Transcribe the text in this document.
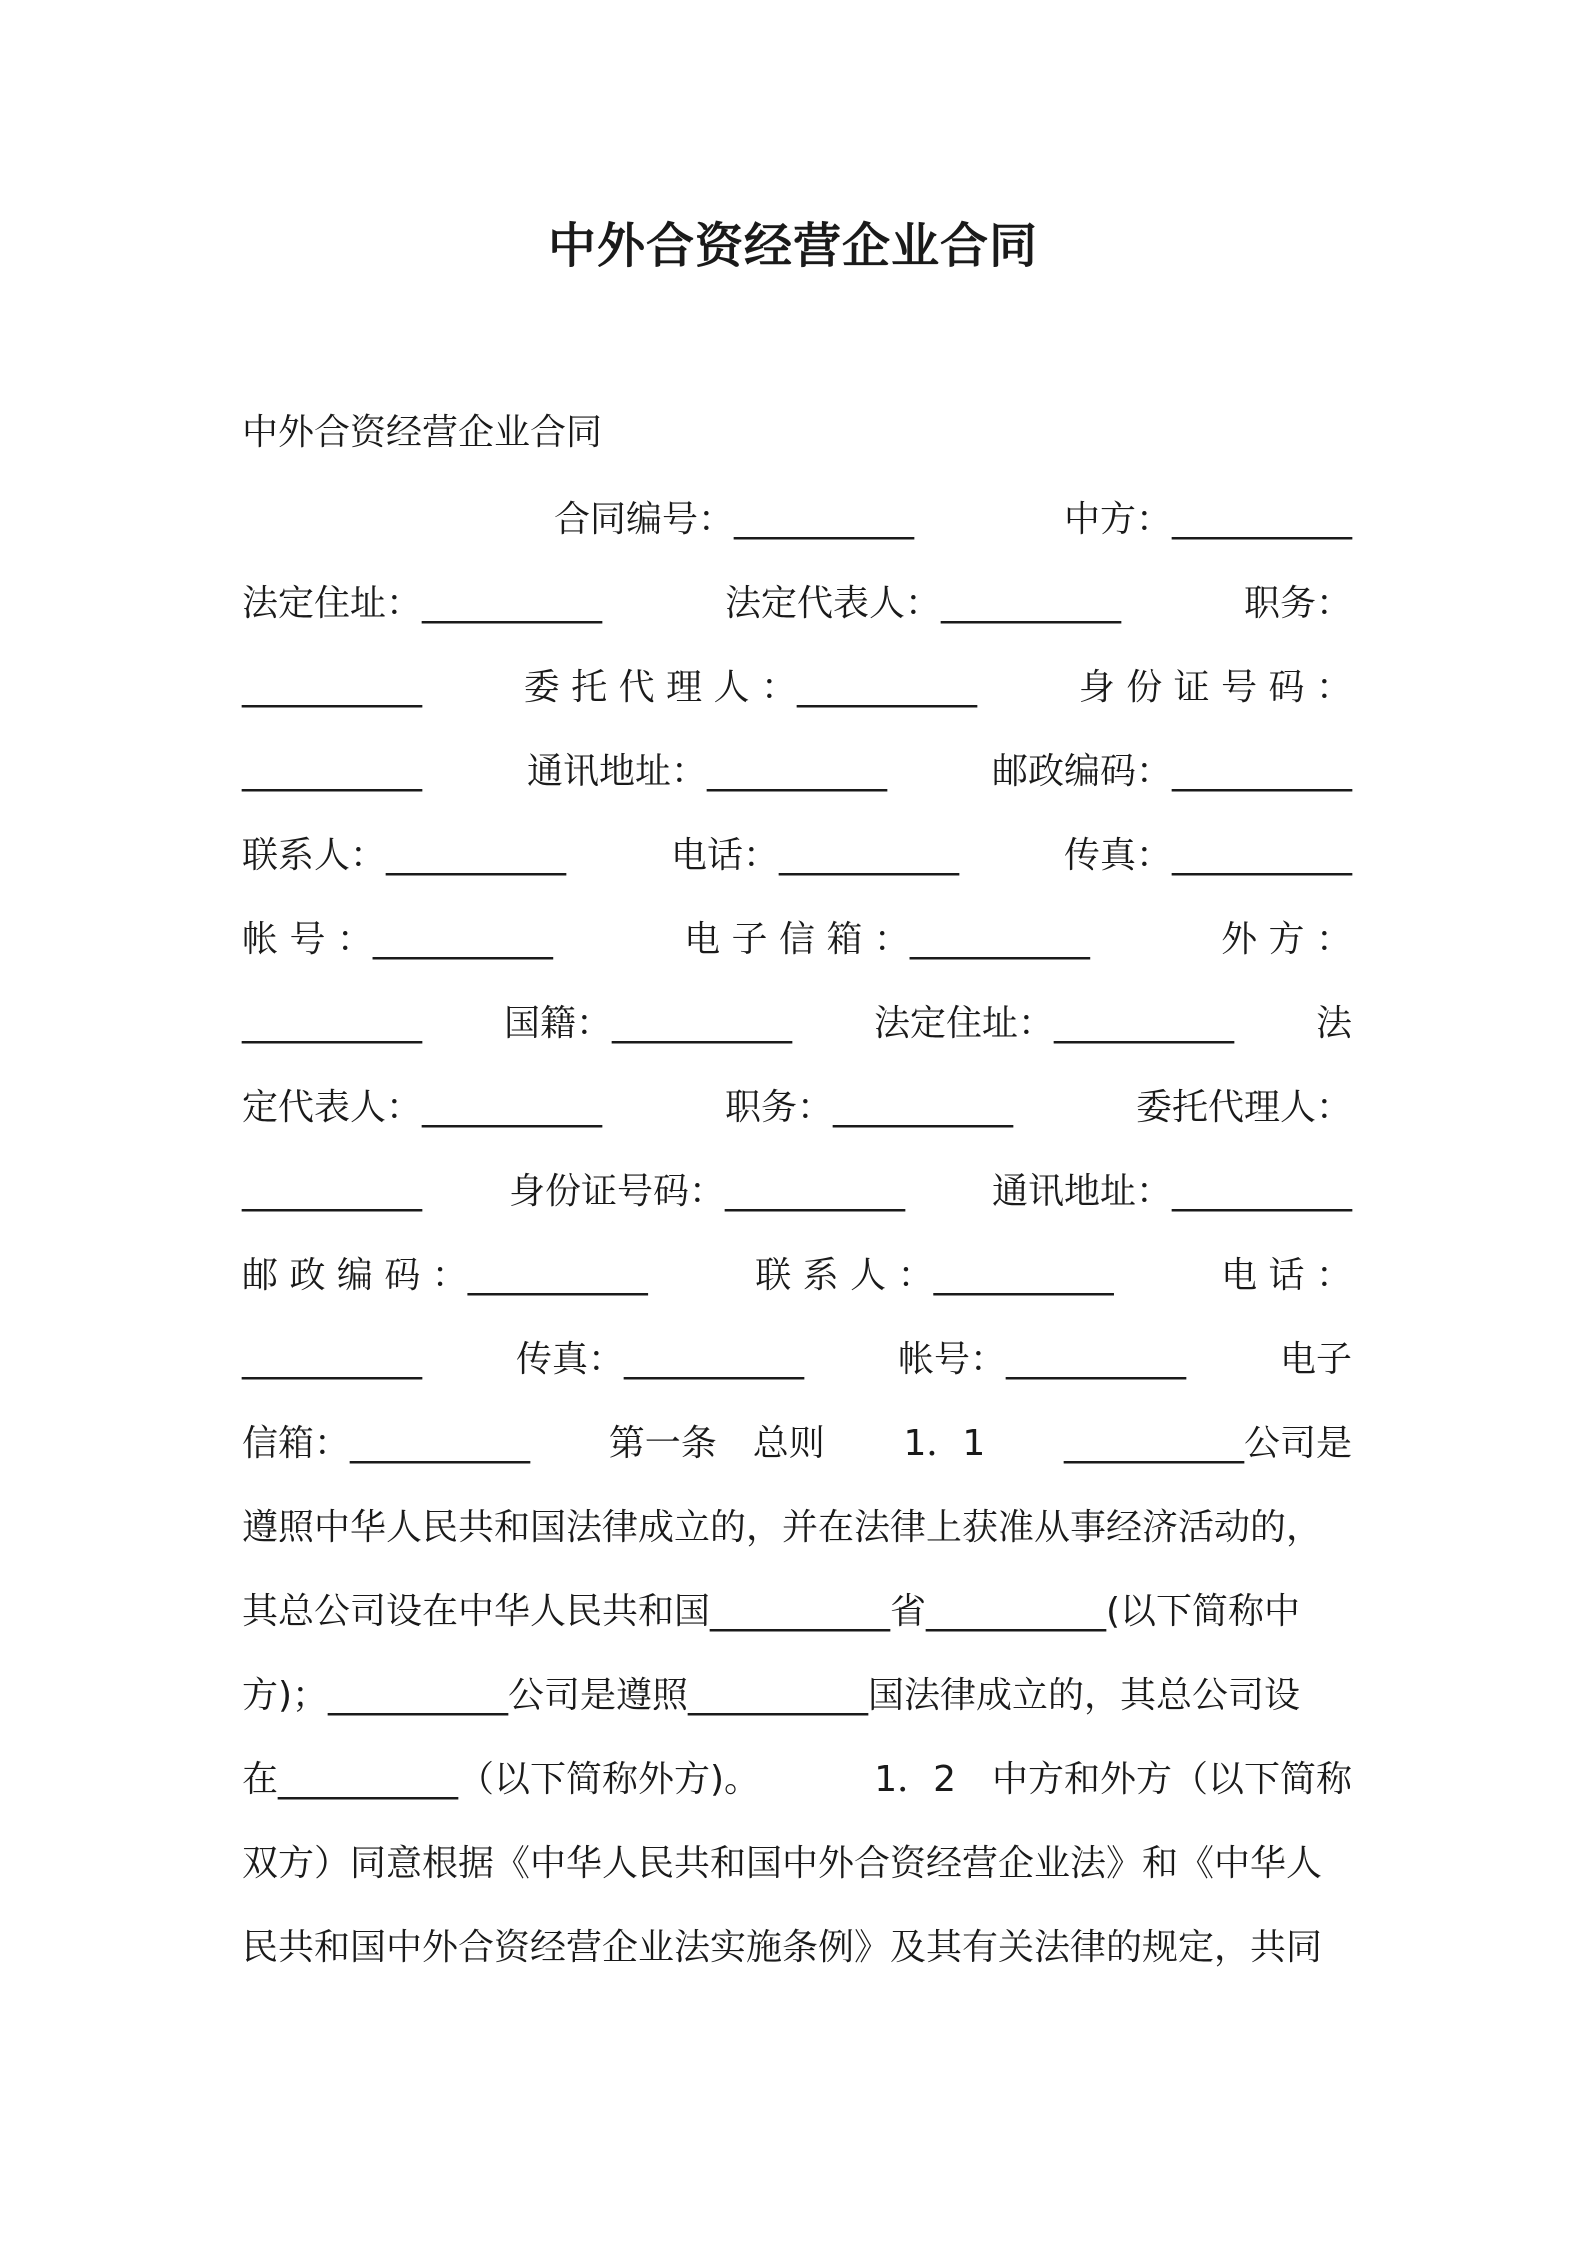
中外合资经营企业合同
中外合资经营企业合同
合同编号：__________	中方：__________
法定住址：__________	法定代表人：__________	职务：
__________	委 托 代 理 人 ：__________	身 份 证 号 码 ：
__________	通讯地址：__________	邮政编码：__________
联系人：__________	电话：__________	传真：__________
帐 号 ：__________	电 子 信 箱 ：__________	外 方 ：
__________ 国籍：__________ 法定住址：__________ 法
定代表人：__________	职务：__________	委托代理人：
__________ 身份证号码：__________ 通讯地址：__________
邮 政 编 码 ：__________	联 系 人 ：__________	电 话 ：
__________	传真：__________	帐号：__________	电子
信箱：__________ 第一条　总则 1．1 __________公司是
遵照中华人民共和国法律成立的，并在法律上获准从事经济活动的，
其总公司设在中华人民共和国__________省__________(以下简称中
方)；__________公司是遵照__________国法律成立的，其总公司设
在__________（以下简称外方)。	1．2　中方和外方（以下简称
双方）同意根据《中华人民共和国中外合资经营企业法》和《中华人
民共和国中外合资经营企业法实施条例》及其有关法律的规定，共同
